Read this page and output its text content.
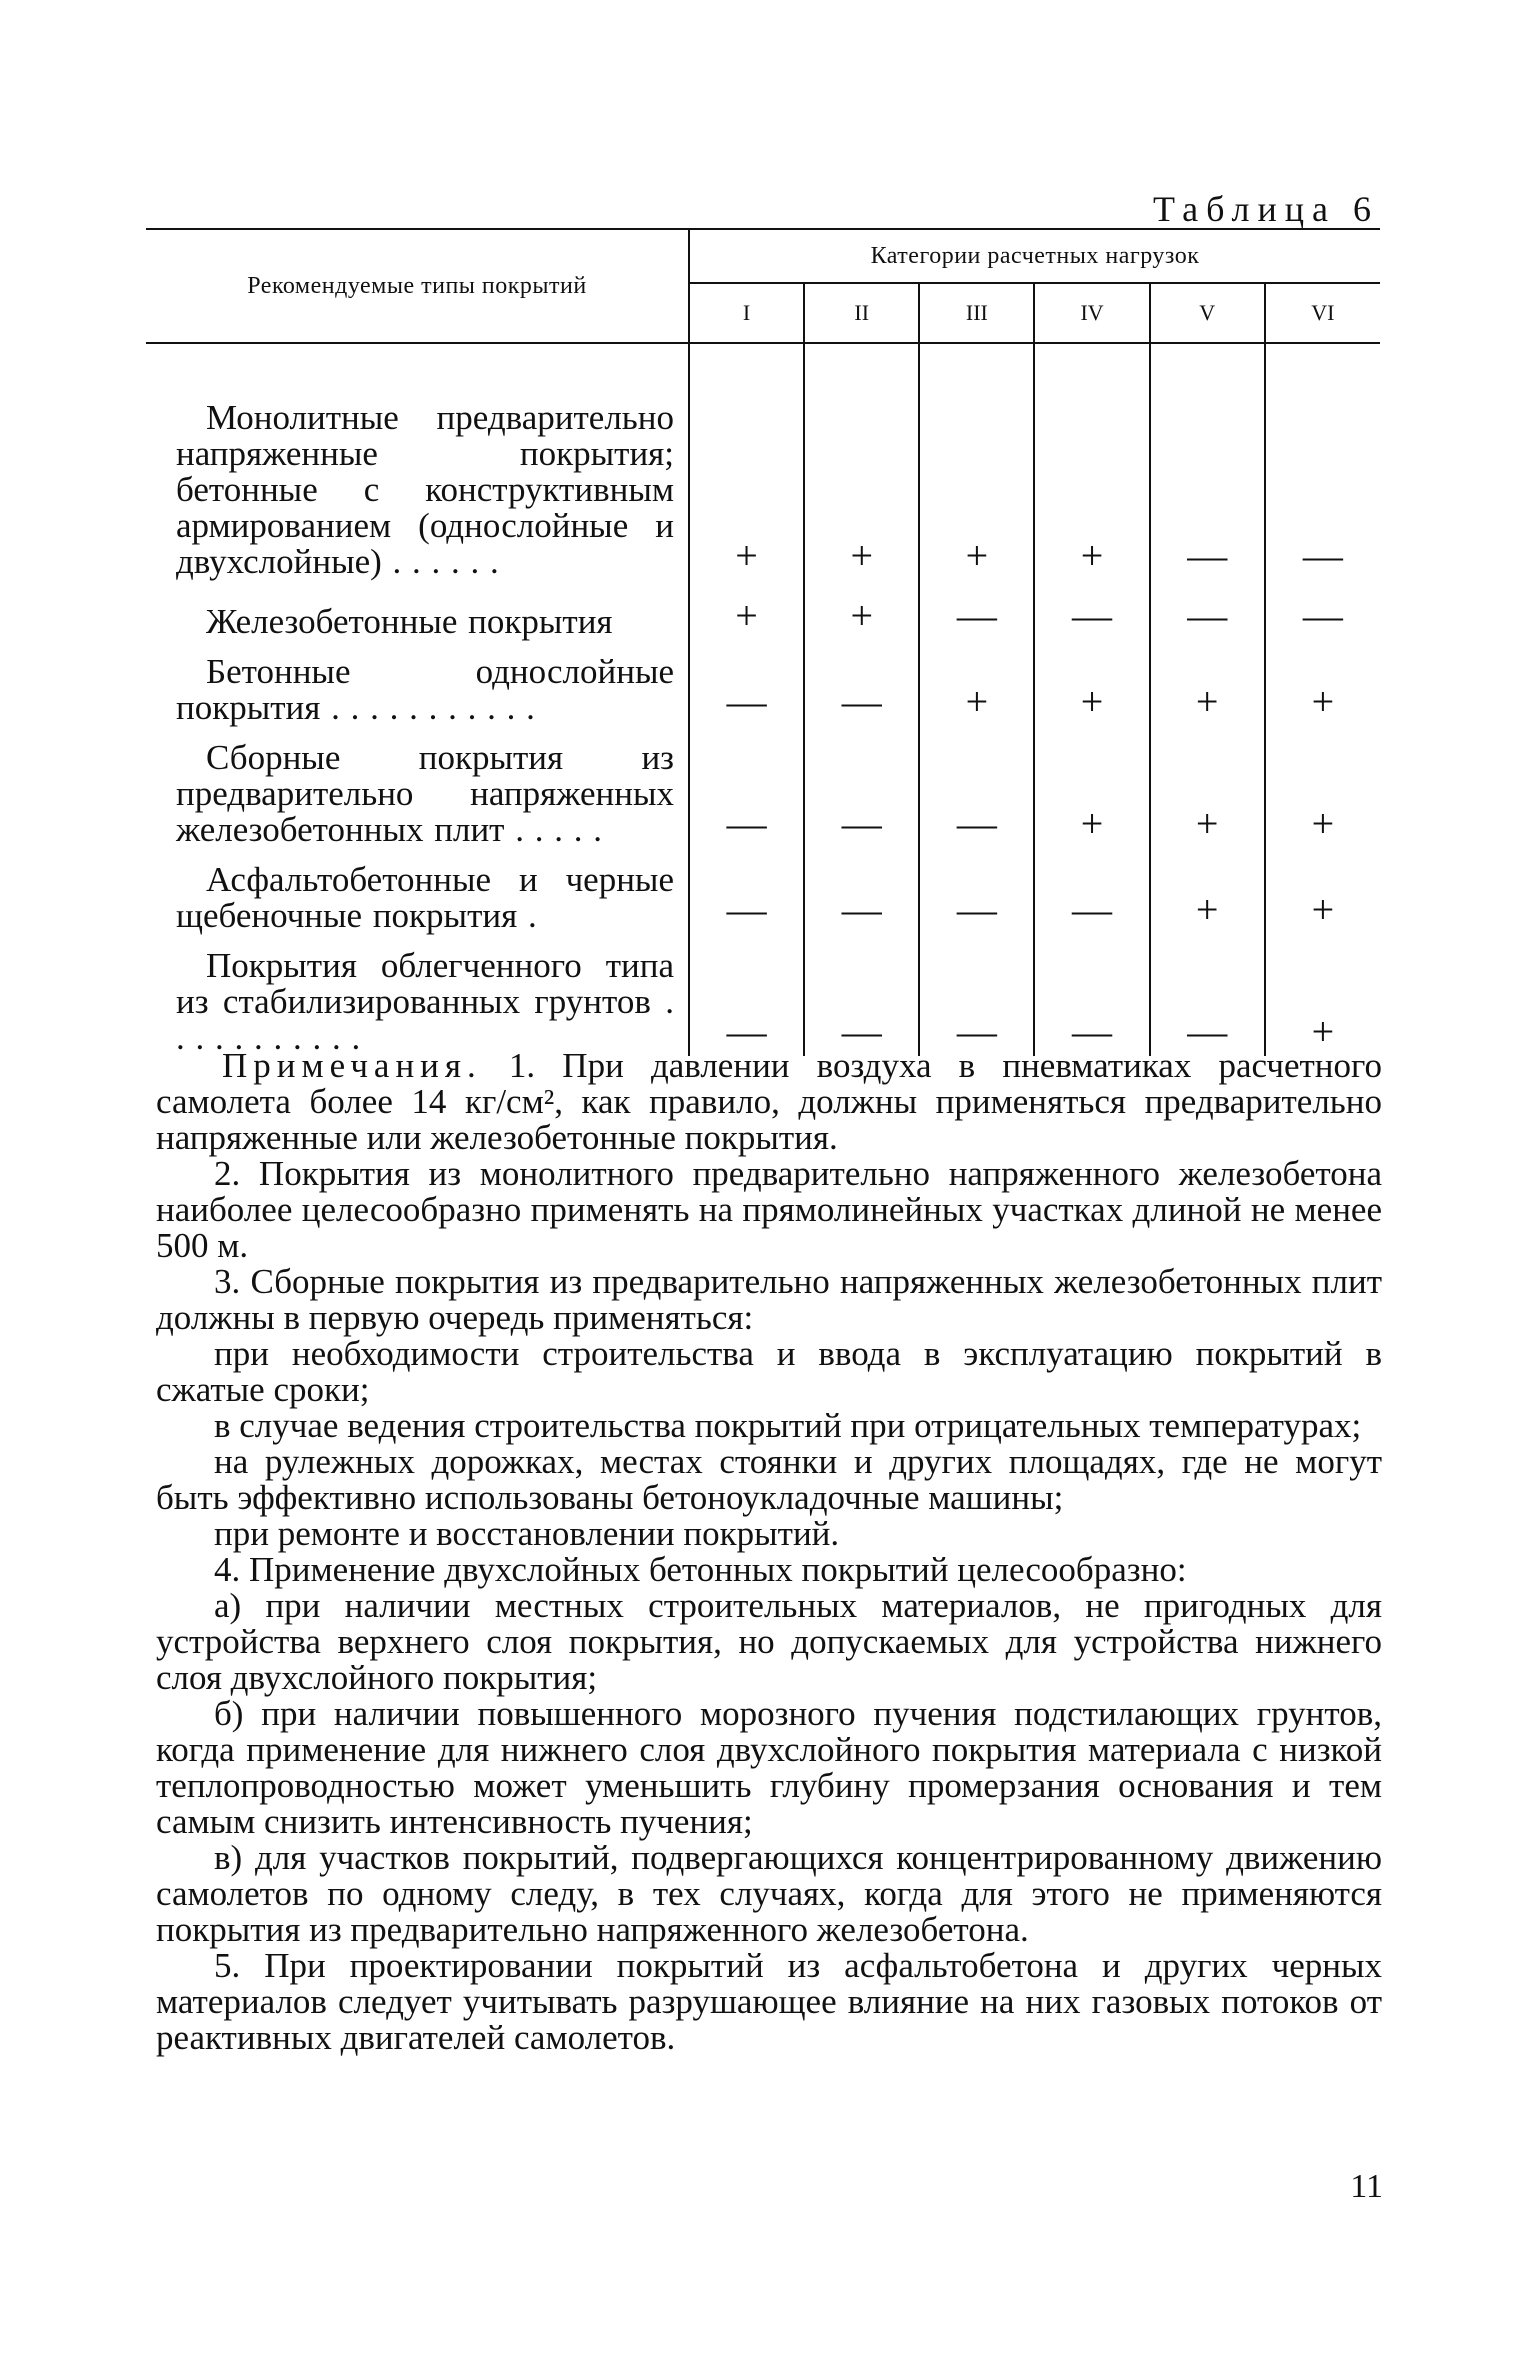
Таблица 6
Рекомендуемые типы покрытий	Категории расчетных нагрузок					
	I	II	III	IV	V	VI

Монолитные предварительно напряженные покрытия; бетонные с конструктивным армированием (однослойные и двухслойные) . . . . . .	+	+	+	+	—	—

Железобетонные покрытия	+	+	—	—	—	—

Бетонные однослойные покрытия . . . . . . . . . . .	—	—	+	+	+	+

Сборные покрытия из предварительно напряженных железобетонных плит . . . . .	—	—	—	+	+	+

Асфальтобетонные и черные щебеночные покрытия .	—	—	—	—	+	+

Покрытия облегченного типа из стабилизированных грунтов . . . . . . . . . . .	—	—	—	—	—	+

Примечания. 1. При давлении воздуха в пневматиках расчетного самолета более 14 кг/см², как правило, должны применяться предварительно напряженные или железобетонные покрытия.

2. Покрытия из монолитного предварительно напряженного железобетона наиболее целесообразно применять на прямолинейных участках длиной не менее 500 м.

3. Сборные покрытия из предварительно напряженных железобетонных плит должны в первую очередь применяться:

при необходимости строительства и ввода в эксплуатацию покрытий в сжатые сроки;

в случае ведения строительства покрытий при отрицательных температурах;

на рулежных дорожках, местах стоянки и других площадях, где не могут быть эффективно использованы бетоноукладочные машины;

при ремонте и восстановлении покрытий.

4. Применение двухслойных бетонных покрытий целесообразно:

а) при наличии местных строительных материалов, не пригодных для устройства верхнего слоя покрытия, но допускаемых для устройства нижнего слоя двухслойного покрытия;

б) при наличии повышенного морозного пучения подстилающих грунтов, когда применение для нижнего слоя двухслойного покрытия материала с низкой теплопроводностью может уменьшить глубину промерзания основания и тем самым снизить интенсивность пучения;

в) для участков покрытий, подвергающихся концентрированному движению самолетов по одному следу, в тех случаях, когда для этого не применяются покрытия из предварительно напряженного железобетона.

5. При проектировании покрытий из асфальтобетона и других черных материалов следует учитывать разрушающее влияние на них газовых потоков от реактивных двигателей самолетов.

11
